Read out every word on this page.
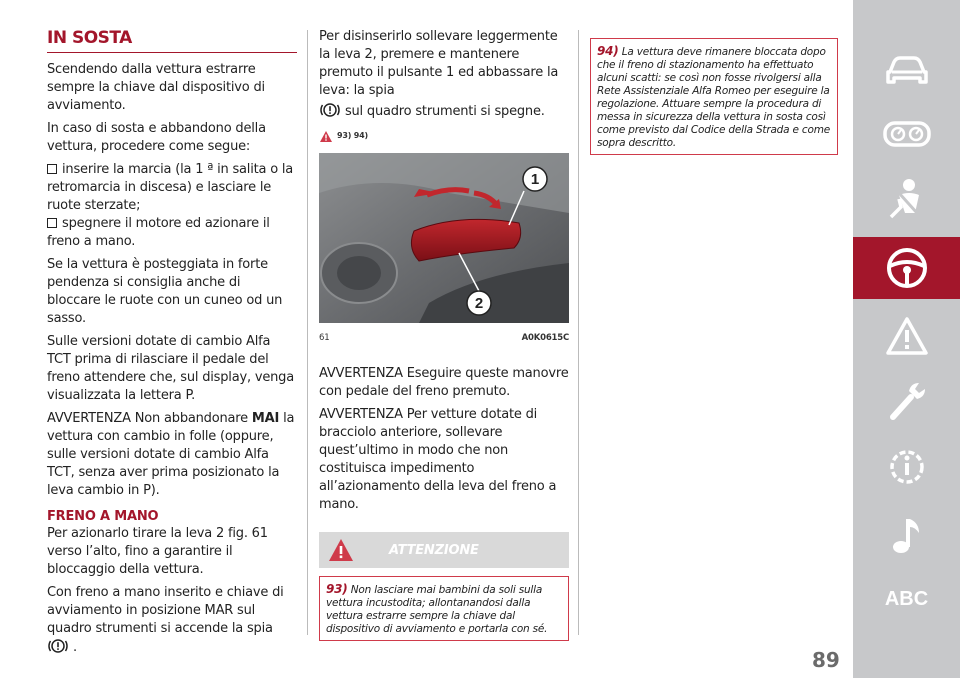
IN SOSTA

Scendendo dalla vettura estrarre sempre la chiave dal dispositivo di avviamento.

In caso di sosta e abbandono della vettura, procedere come segue:

inserire la marcia (la 1 ª in salita o la retromarcia in discesa) e lasciare le ruote sterzate;

spegnere il motore ed azionare il freno a mano.

Se la vettura è posteggiata in forte pendenza si consiglia anche di bloccare le ruote con un cuneo od un sasso.

Sulle versioni dotate di cambio Alfa TCT prima di rilasciare il pedale del freno attendere che, sul display, venga visualizzata la lettera P.

AVVERTENZA Non abbandonare MAI la vettura con cambio in folle (oppure, sulle versioni dotate di cambio Alfa TCT, senza aver prima posizionato la leva cambio in P).

FRENO A MANO

Per azionarlo tirare la leva 2 fig. 61 verso l’alto, fino a garantire il bloccaggio della vettura.

Con freno a mano inserito e chiave di avviamento in posizione MAR sul quadro strumenti si accende la spia  .

Per disinserirlo sollevare leggermente la leva 2, premere e mantenere premuto il pulsante 1 ed abbassare la leva: la spia

sul quadro strumenti si spegne.

93) 94)
1
2
61	A0K0615C

AVVERTENZA Eseguire queste manovre con pedale del freno premuto.

AVVERTENZA Per vetture dotate di bracciolo anteriore, sollevare quest’ultimo in modo che non costituisca impedimento all’azionamento della leva del freno a mano.

ATTENZIONE
93) Non lasciare mai bambini da soli sulla vettura incustodita; allontanandosi dalla vettura estrarre sempre la chiave dal dispositivo di avviamento e portarla con sé.
94) La vettura deve rimanere bloccata dopo che il freno di stazionamento ha effettuato alcuni scatti: se così non fosse rivolgersi alla Rete Assistenziale Alfa Romeo per eseguire la regolazione. Attuare sempre la procedura di messa in sicurezza della vettura in sosta così come previsto dal Codice della Strada e come sopra descritto.
ABC
89
